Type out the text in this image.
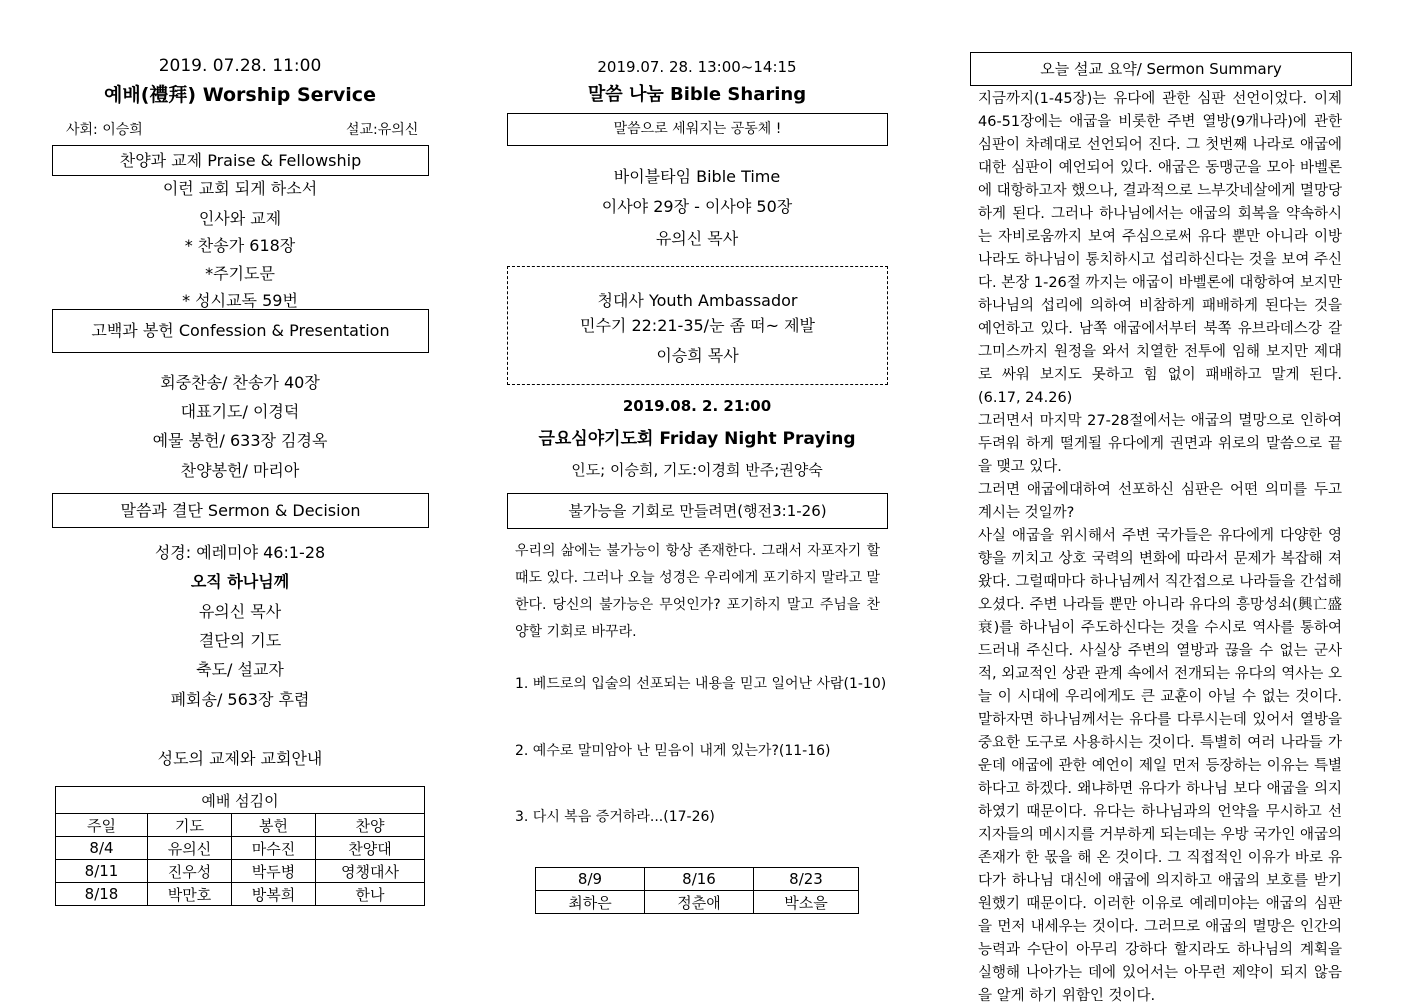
2019. 07.28. 11:00
예배(禮拜) Worship Service
사회: 이승희	설교:유의신
찬양과 교제 Praise & Fellowship
이런 교회 되게 하소서
인사와 교제
* 찬송가 618장
*주기도문
* 성시교독 59번
고백과 봉헌 Confession & Presentation
회중찬송/ 찬송가 40장
대표기도/ 이경덕
예물 봉헌/ 633장 김경옥
찬양봉헌/ 마리아
말씀과 결단 Sermon & Decision
성경: 예레미야 46:1-28
오직 하나님께
유의신 목사
결단의 기도
축도/ 설교자
폐회송/ 563장 후렴
성도의 교제와 교회안내
예배 섬김이			
주일	기도	봉헌	찬양
8/4	유의신	마수진	찬양대
8/11	진우성	박두병	영챙대사
8/18	박만호	방복희	한나
2019.07. 28. 13:00~14:15
말씀 나눔 Bible Sharing
말씀으로 세워지는 공동체 !
바이블타임 Bible Time
이사야 29장 - 이사야 50장
유의신 목사
청대사 Youth Ambassador
민수기 22:21-35/눈 좀 떠~ 제발
이승희 목사
2019.08. 2. 21:00
금요심야기도회 Friday Night Praying
인도; 이승희, 기도:이경희 반주;권양숙
불가능을 기회로 만들려면(행전3:1-26)
우리의 삶에는 불가능이 항상 존재한다. 그래서 자포자기 할때도 있다. 그러나 오늘 성경은 우리에게 포기하지 말라고 말한다. 당신의 불가능은 무엇인가? 포기하지 말고 주님을 찬양할 기회로 바꾸라.
1. 베드로의 입술의 선포되는 내용을 믿고 일어난 사람(1-10)
2. 예수로 말미암아 난 믿음이 내게 있는가?(11-16)
3. 다시 복음 증거하라...(17-26)
8/9	8/16	8/23
최하은	정춘애	박소을
오늘 설교 요약/ Sermon Summary
지금까지(1-45장)는 유다에 관한 심판 선언이었다. 이제 46-51장에는 애굽을 비롯한 주변 열방(9개나라)에 관한 심판이 차례대로 선언되어 진다. 그 첫번째 나라로 애굽에 대한 심판이 예언되어 있다. 애굽은 동맹군을 모아 바벨론에 대항하고자 했으나, 결과적으로 느부갓네살에게 멸망당하게 된다. 그러나 하나님에서는 애굽의 회복을 약속하시는 자비로움까지 보여 주심으로써 유다 뿐만 아니라 이방나라도 하나님이 통치하시고 섭리하신다는 것을 보여 주신다. 본장 1-26절 까지는 애굽이 바벨론에 대항하여 보지만 하나님의 섭리에 의하여 비참하게 패배하게 된다는 것을 예언하고 있다. 남쪽 애굽에서부터 북쪽 유브라데스강 갈그미스까지 원정을 와서 치열한 전투에 임해 보지만 제대로 싸워 보지도 못하고 힘 없이 패배하고 말게 된다.(6.17, 24.26)
그러면서 마지막 27-28절에서는 애굽의 멸망으로 인하여 두려워 하게 떨게될 유다에게 권면과 위로의 말씀으로 끝을 맺고 있다.
그러면 애굽에대하여 선포하신 심판은 어떤 의미를 두고 계시는 것일까?
사실 애굽을 위시해서 주변 국가들은 유다에게 다양한 영향을 끼치고 상호 국력의 변화에 따라서 문제가 복잡해 져왔다. 그럴때마다 하나님께서 직간접으로 나라들을 간섭해 오셨다. 주변 나라들 뿐만 아니라 유다의 흥망성쇠(興亡盛衰)를 하나님이 주도하신다는 것을 수시로 역사를 통하여 드러내 주신다. 사실상 주변의 열방과 끊을 수 없는 군사적, 외교적인 상관 관계 속에서 전개되는 유다의 역사는 오늘 이 시대에 우리에게도 큰 교훈이 아닐 수 없는 것이다. 말하자면 하나님께서는 유다를 다루시는데 있어서 열방을 중요한 도구로 사용하시는 것이다. 특별히 여러 나라들 가운데 애굽에 관한 예언이 제일 먼저 등장하는 이유는 특별하다고 하겠다. 왜냐하면 유다가 하나님 보다 애굽을 의지하였기 때문이다. 유다는 하나님과의 언약을 무시하고 선지자들의 메시지를 거부하게 되는데는 우방 국가인 애굽의 존재가 한 몫을 해 온 것이다. 그 직접적인 이유가 바로 유다가 하나님 대신에 애굽에 의지하고 애굽의 보호를 받기 원했기 때문이다. 이러한 이유로 예레미야는 애굽의 심판을 먼저 내세우는 것이다. 그러므로 애굽의 멸망은 인간의 능력과 수단이 아무리 강하다 할지라도 하나님의 계획을 실행해 나아가는 데에 있어서는 아무런 제약이 되지 않음을 알게 하기 위함인 것이다.
